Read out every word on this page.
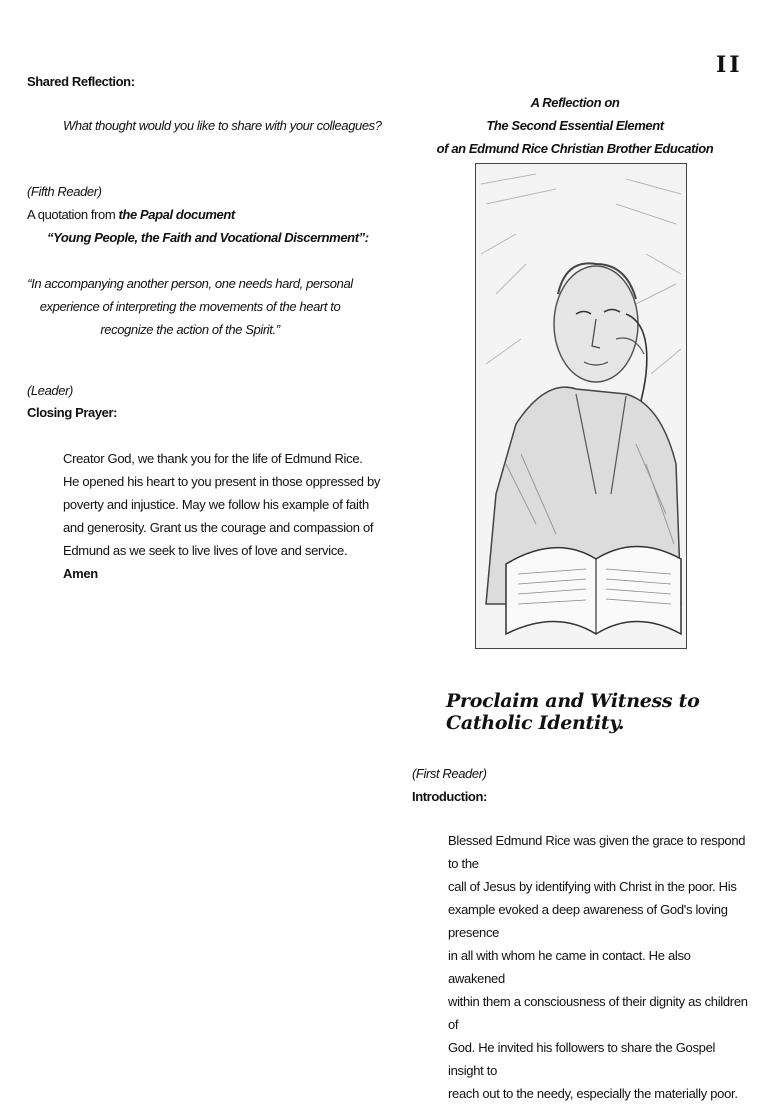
Shared Reflection:
What thought would you like to share with your colleagues?
(Fifth Reader)
A quotation from the Papal document
“Young People, the Faith and Vocational Discernment”:
“In accompanying another person, one needs hard, personal
experience of interpreting the movements of the heart to
recognize the action of the Spirit.”
(Leader)
Closing Prayer:
Creator God, we thank you for the life of Edmund Rice.
He opened his heart to you present in those oppressed by
poverty and injustice. May we follow his example of faith
and generosity. Grant us the courage and compassion of
Edmund as we seek to live lives of love and service. Amen
II
A Reflection on
The Second Essential Element
of an Edmund Rice Christian Brother Education
Proclaim and Witness to Catholic Identity.
(First Reader)
Introduction:
Blessed Edmund Rice was given the grace to respond to the
call of Jesus by identifying with Christ in the poor. His
example evoked a deep awareness of God's loving presence
in all with whom he came in contact. He also awakened
within them a consciousness of their dignity as children of
God. He invited his followers to share the Gospel insight to
reach out to the needy, especially the materially poor.
